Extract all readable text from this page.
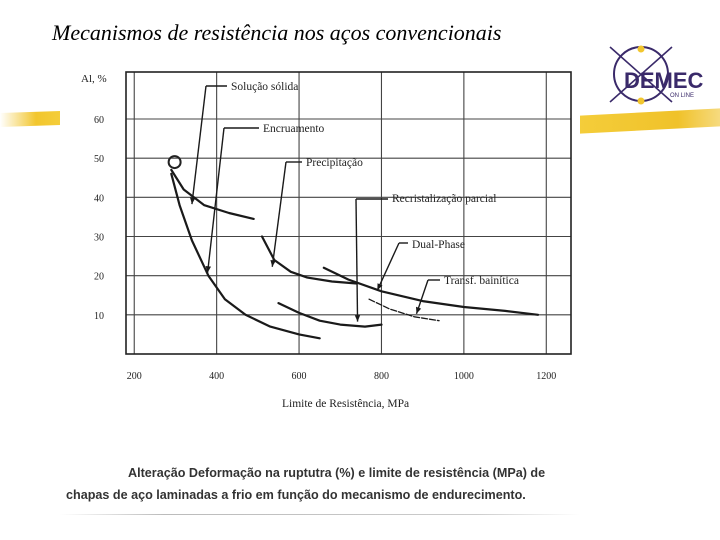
Mecanismos de resistência nos aços convencionais
DEMEC
ON LINE
10
20
30
40
50
60
200	400	600	800	1000	1200
Al, %
Limite de Resistência, MPa
Solução sólida
Encruamento
Precipitação
Recristalização parcial
Dual-Phase
Transf. bainítica
Alteração Deformação na ruptutra (%) e limite de resistência (MPa) de
chapas de aço laminadas a frio em função do mecanismo de endurecimento.
